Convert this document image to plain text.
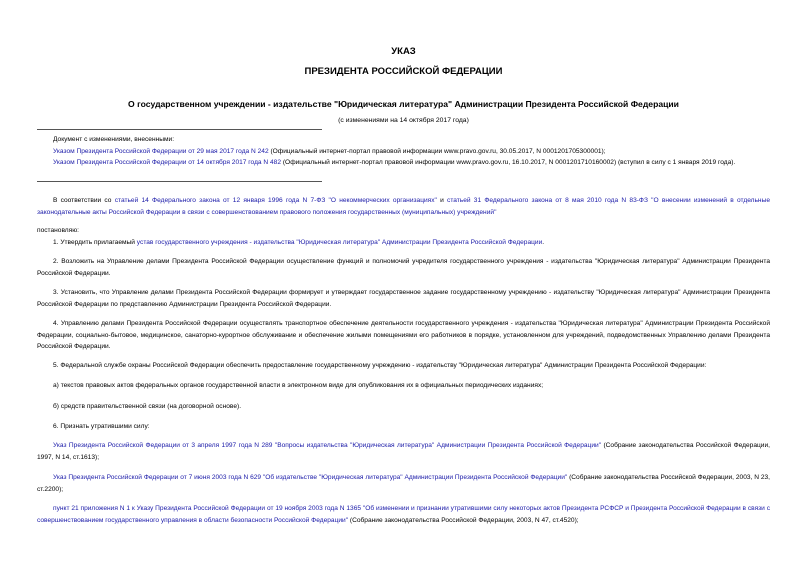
УКАЗ
ПРЕЗИДЕНТА РОССИЙСКОЙ ФЕДЕРАЦИИ
О государственном учреждении - издательстве "Юридическая литература" Администрации Президента Российской Федерации
(с изменениями на 14 октября 2017 года)

Документ с изменениями, внесенными:

Указом Президента Российской Федерации от 29 мая 2017 года N 242 (Официальный интернет-портал правовой информации www.pravo.gov.ru, 30.05.2017, N 0001201705300001);

Указом Президента Российской Федерации от 14 октября 2017 года N 482 (Официальный интернет-портал правовой информации www.pravo.gov.ru, 16.10.2017, N 0001201710160002) (вступил в силу с 1 января 2019 года).

В соответствии со статьей 14 Федерального закона от 12 января 1996 года N 7-ФЗ "О некоммерческих организациях" и статьей 31 Федерального закона от 8 мая 2010 года N 83-ФЗ "О внесении изменений в отдельные законодательные акты Российской Федерации в связи с совершенствованием правового положения государственных (муниципальных) учреждений"
постановляю:
1. Утвердить прилагаемый устав государственного учреждения - издательства "Юридическая литература" Администрации Президента Российской Федерации.
2. Возложить на Управление делами Президента Российской Федерации осуществление функций и полномочий учредителя государственного учреждения - издательства "Юридическая литература" Администрации Президента Российской Федерации.
3. Установить, что Управление делами Президента Российской Федерации формирует и утверждает государственное задание государственному учреждению - издательству "Юридическая литература" Администрации Президента Российской Федерации по представлению Администрации Президента Российской Федерации.
4. Управлению делами Президента Российской Федерации осуществлять транспортное обеспечение деятельности государственного учреждения - издательства "Юридическая литература" Администрации Президента Российской Федерации, социально-бытовое, медицинское, санаторно-курортное обслуживание и обеспечение жилыми помещениями его работников в порядке, установленном для учреждений, подведомственных Управлению делами Президента Российской Федерации.
5. Федеральной службе охраны Российской Федерации обеспечить предоставление государственному учреждению - издательству "Юридическая литература" Администрации Президента Российской Федерации:
а) текстов правовых актов федеральных органов государственной власти в электронном виде для опубликования их в официальных периодических изданиях;
б) средств правительственной связи (на договорной основе).
6. Признать утратившими силу:
Указ Президента Российской Федерации от 3 апреля 1997 года N 289 "Вопросы издательства "Юридическая литература" Администрации Президента Российской Федерации" (Собрание законодательства Российской Федерации, 1997, N 14, ст.1613);
Указ Президента Российской Федерации от 7 июня 2003 года N 629 "Об издательстве "Юридическая литература" Администрации Президента Российской Федерации" (Собрание законодательства Российской Федерации, 2003, N 23, ст.2200);
пункт 21 приложения N 1 к Указу Президента Российской Федерации от 19 ноября 2003 года N 1365 "Об изменении и признании утратившими силу некоторых актов Президента РСФСР и Президента Российской Федерации в связи с совершенствованием государственного управления в области безопасности Российской Федерации" (Собрание законодательства Российской Федерации, 2003, N 47, ст.4520);
